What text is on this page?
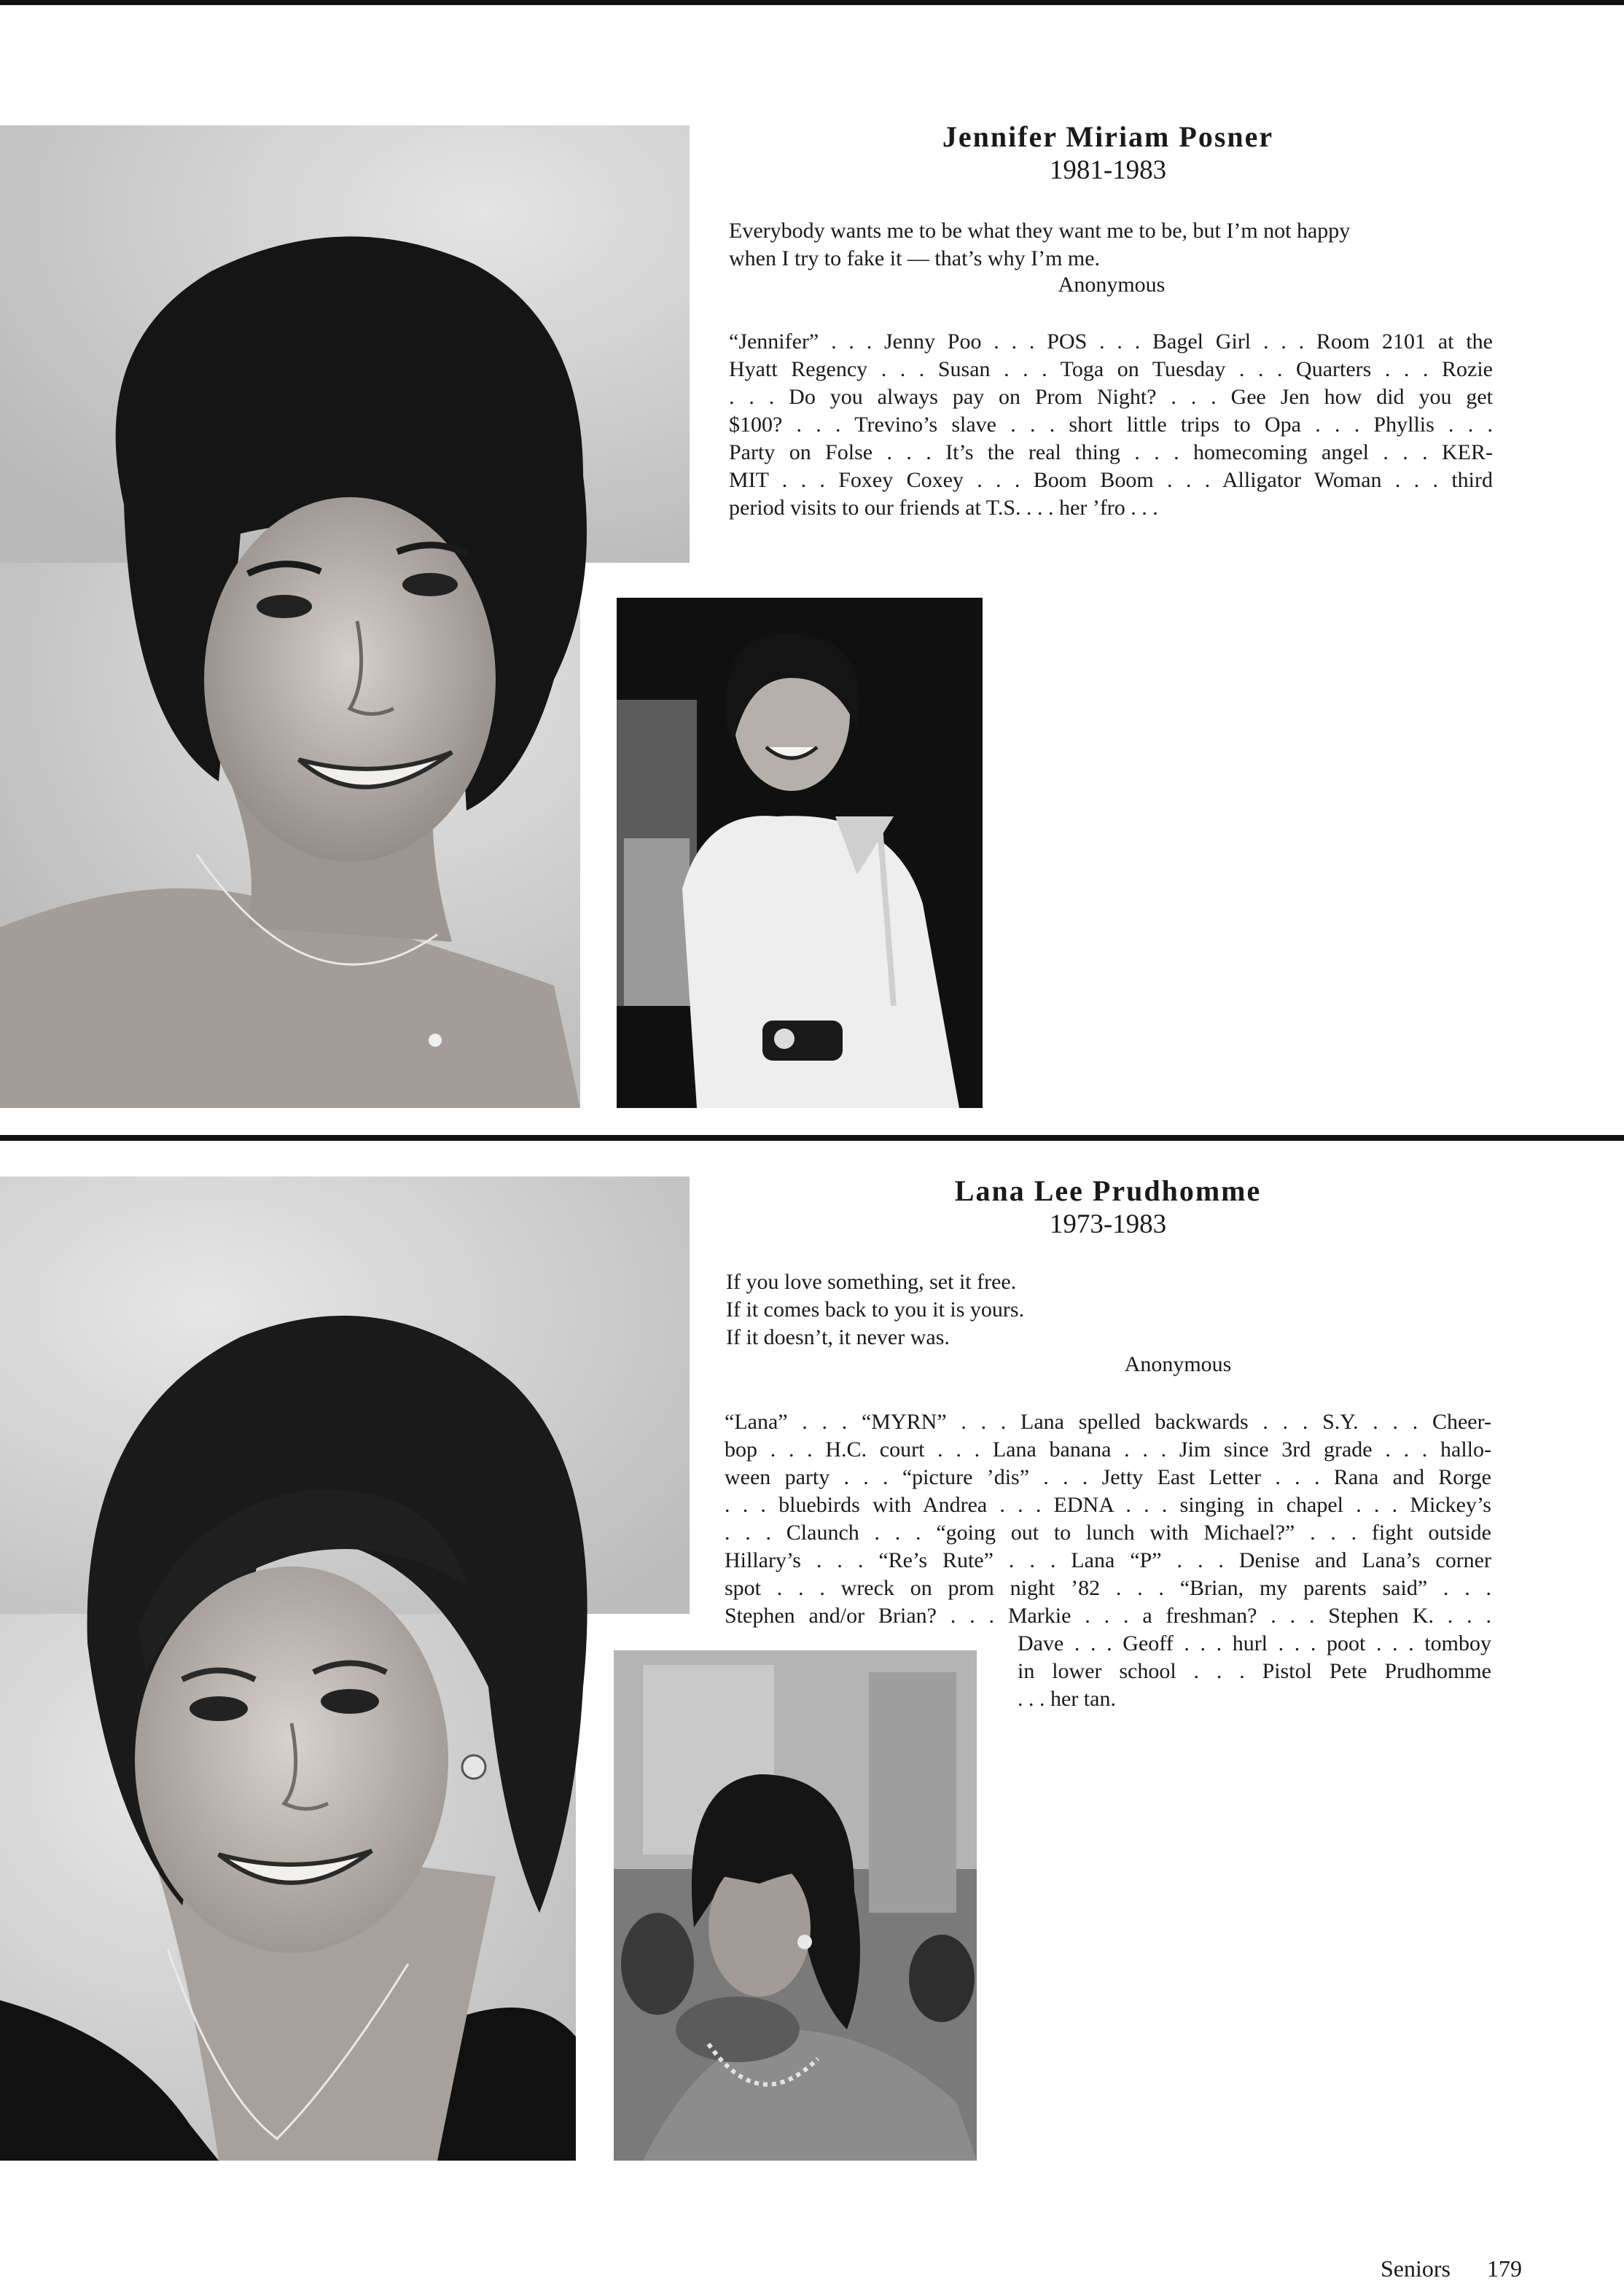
Jennifer Miriam Posner
1981-1983
Everybody wants me to be what they want me to be, but I’m not happy
when I try to fake it — that’s why I’m me.
Anonymous
“Jennifer” . . . Jenny Poo . . . POS . . . Bagel Girl . . . Room 2101 at the
Hyatt Regency . . . Susan . . . Toga on Tuesday . . . Quarters . . . Rozie
. . . Do you always pay on Prom Night? . . . Gee Jen how did you get
$100? . . . Trevino’s slave . . . short little trips to Opa . . . Phyllis . . .
Party on Folse . . . It’s the real thing . . . homecoming angel . . . KER-
MIT . . . Foxey Coxey . . . Boom Boom . . . Alligator Woman . . . third
period visits to our friends at T.S. . . . her ’fro . . .
Lana Lee Prudhomme
1973-1983
If you love something, set it free.
If it comes back to you it is yours.
If it doesn’t, it never was.
Anonymous
“Lana” . . . “MYRN” . . . Lana spelled backwards . . . S.Y. . . . Cheer-
bop . . . H.C. court . . . Lana banana . . . Jim since 3rd grade . . . hallo-
ween party . . . “picture ’dis” . . . Jetty East Letter . . . Rana and Rorge
. . . bluebirds with Andrea . . . EDNA . . . singing in chapel . . . Mickey’s
. . . Claunch . . . “going out to lunch with Michael?” . . . fight outside
Hillary’s . . . “Re’s Rute” . . . Lana “P” . . . Denise and Lana’s corner
spot . . . wreck on prom night ’82 . . . “Brian, my parents said” . . .
Stephen and/or Brian? . . . Markie . . . a freshman? . . . Stephen K. . . .
Dave . . . Geoff . . . hurl . . . poot . . . tomboy
in lower school . . . Pistol Pete Prudhomme
. . . her tan.
Seniors 179
